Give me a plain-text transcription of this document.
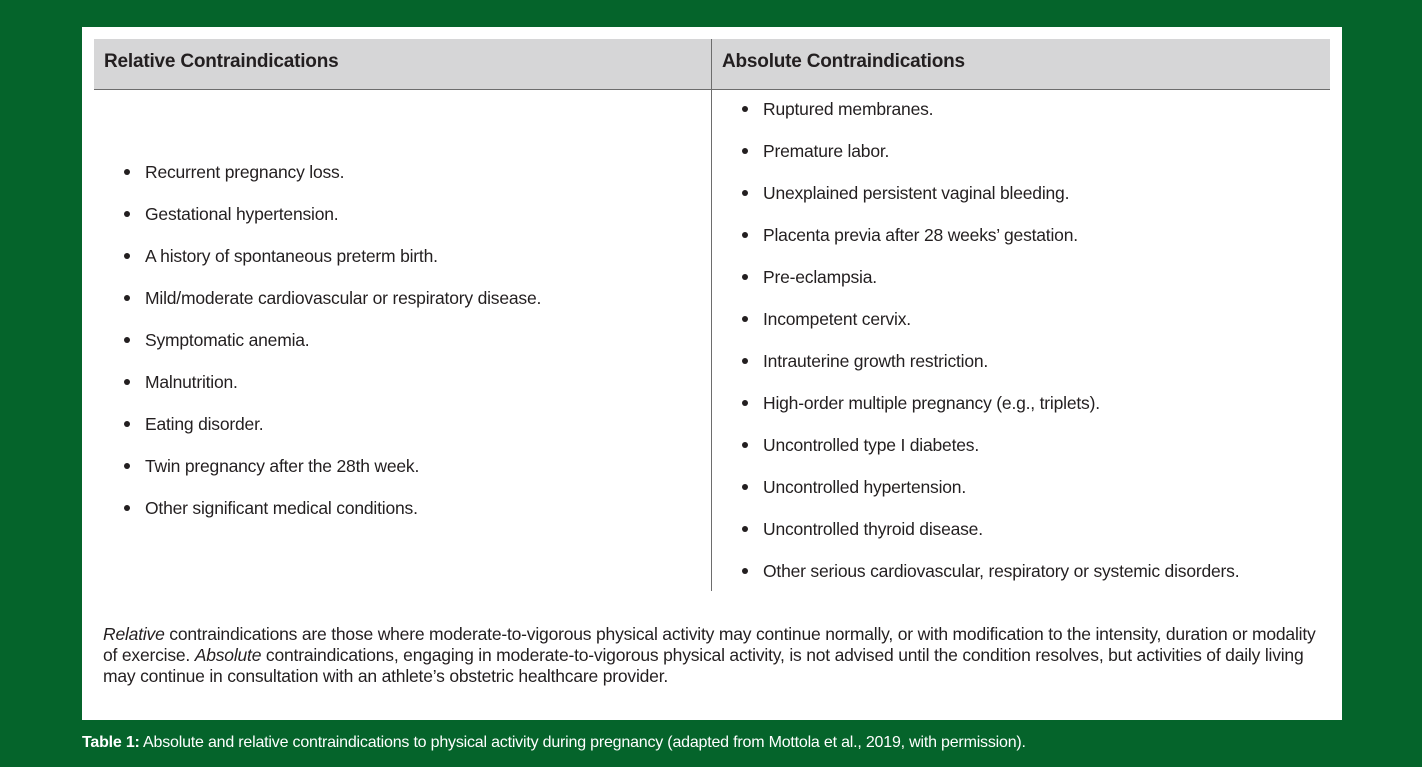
Relative Contraindications	Absolute Contraindications
Recurrent pregnancy loss.
Gestational hypertension.
A history of spontaneous preterm birth.
Mild/moderate cardiovascular or respiratory disease.
Symptomatic anemia.
Malnutrition.
Eating disorder.
Twin pregnancy after the 28th week.
Other significant medical conditions.
Ruptured membranes.
Premature labor.
Unexplained persistent vaginal bleeding.
Placenta previa after 28 weeks’ gestation.
Pre-eclampsia.
Incompetent cervix.
Intrauterine growth restriction.
High-order multiple pregnancy (e.g., triplets).
Uncontrolled type I diabetes.
Uncontrolled hypertension.
Uncontrolled thyroid disease.
Other serious cardiovascular, respiratory or systemic disorders.

Relative contraindications are those where moderate-to-vigorous physical activity may continue normally, or with modification to the intensity, duration or modality of exercise. Absolute contraindications, engaging in moderate-to-vigorous physical activity, is not advised until the condition resolves, but activities of daily living may continue in consultation with an athlete’s obstetric healthcare provider.

Table 1: Absolute and relative contraindications to physical activity during pregnancy (adapted from Mottola et al., 2019, with permission).
